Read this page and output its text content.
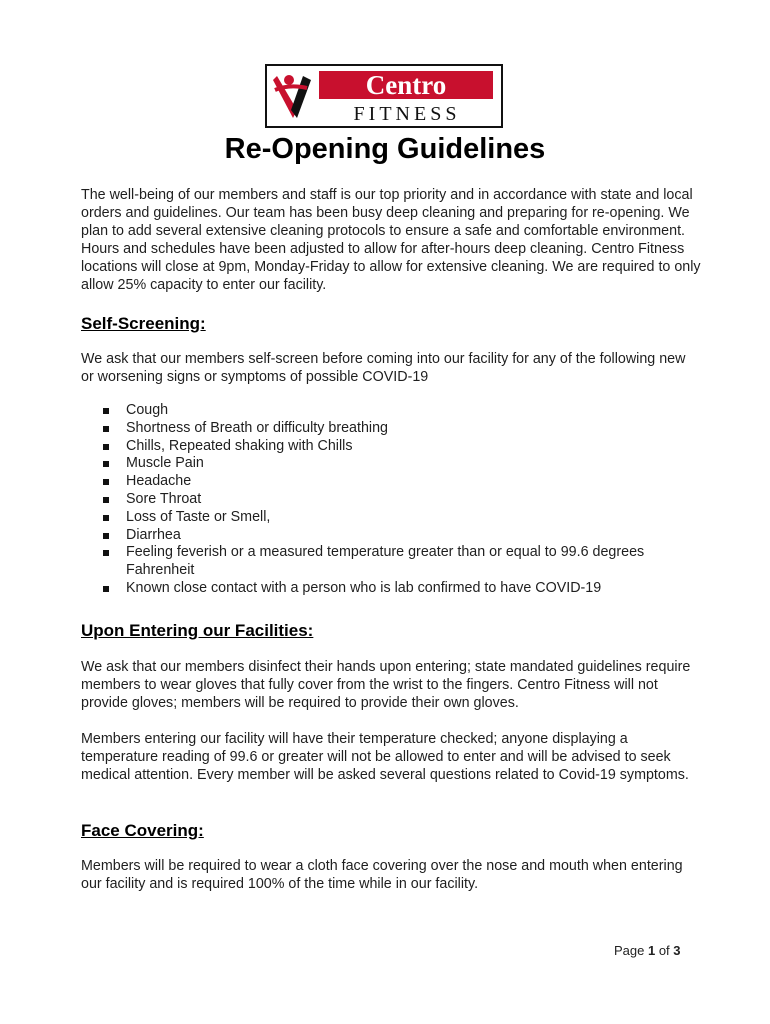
Centro
FITNESS
Re-Opening Guidelines

The well-being of our members and staff is our top priority and in accordance with state and local orders and guidelines. Our team has been busy deep cleaning and preparing for re-opening. We plan to add several extensive cleaning protocols to ensure a safe and comfortable environment. Hours and schedules have been adjusted to allow for after-hours deep cleaning. Centro Fitness locations will close at 9pm, Monday-Friday to allow for extensive cleaning. We are required to only allow 25% capacity to enter our facility.

Self-Screening:

We ask that our members self-screen before coming into our facility for any of the following new or worsening signs or symptoms of possible COVID-19

Cough
Shortness of Breath or difficulty breathing
Chills, Repeated shaking with Chills
Muscle Pain
Headache
Sore Throat
Loss of Taste or Smell,
Diarrhea
Feeling feverish or a measured temperature greater than or equal to 99.6 degrees Fahrenheit
Known close contact with a person who is lab confirmed to have COVID-19
Upon Entering our Facilities:

We ask that our members disinfect their hands upon entering; state mandated guidelines require members to wear gloves that fully cover from the wrist to the fingers. Centro Fitness will not provide gloves; members will be required to provide their own gloves.

Members entering our facility will have their temperature checked; anyone displaying a temperature reading of 99.6 or greater will not be allowed to enter and will be advised to seek medical attention. Every member will be asked several questions related to Covid-19 symptoms.

Face Covering:

Members will be required to wear a cloth face covering over the nose and mouth when entering our facility and is required 100% of the time while in our facility.

Page 1 of 3
